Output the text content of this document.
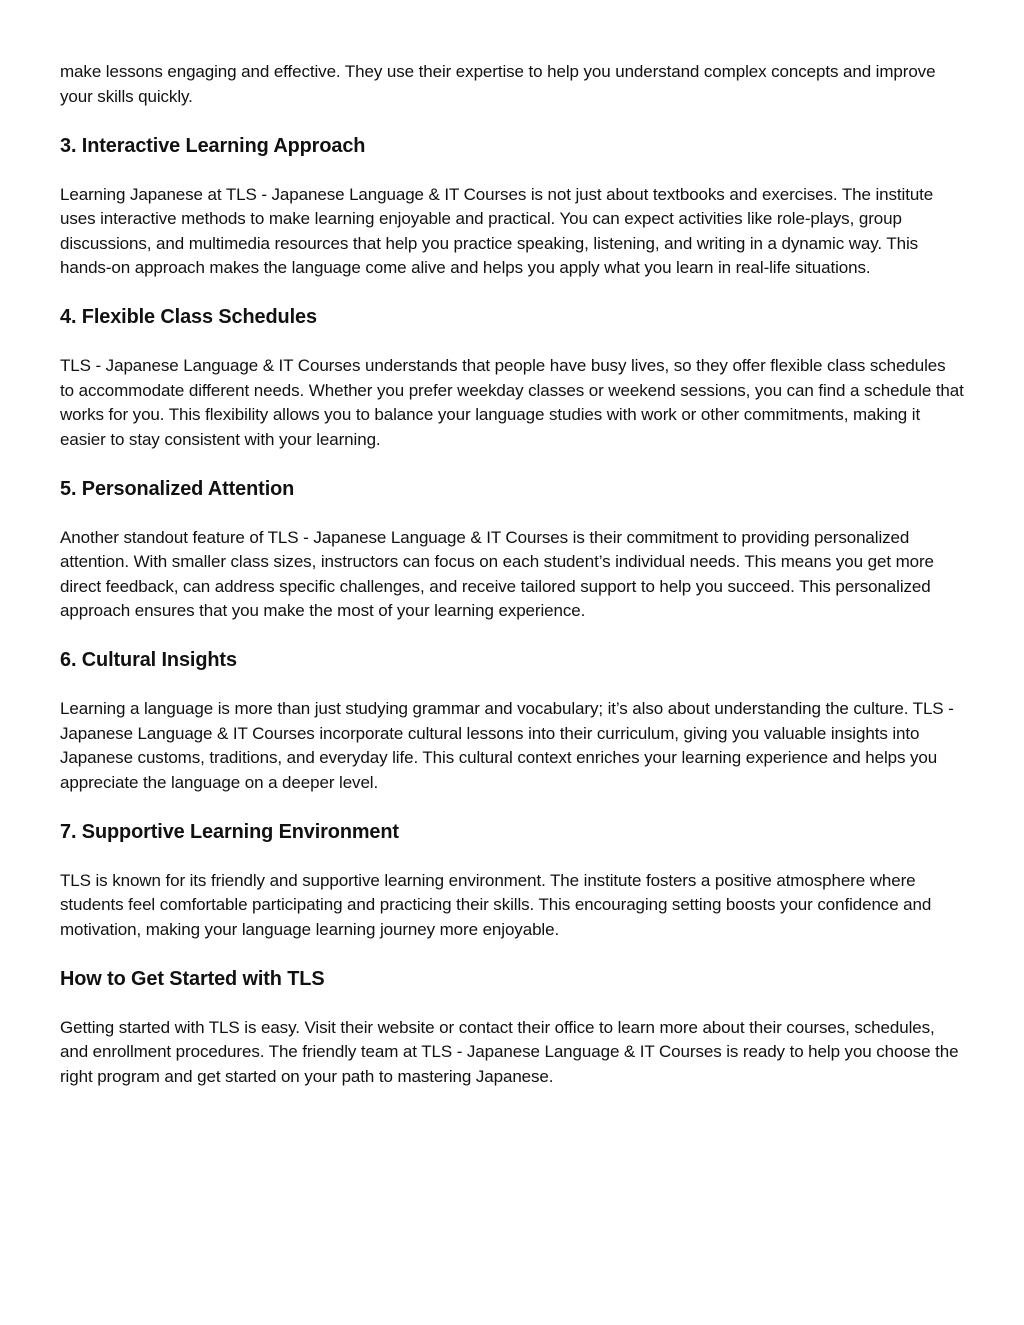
make lessons engaging and effective. They use their expertise to help you understand complex concepts and improve your skills quickly.

3. Interactive Learning Approach

Learning Japanese at TLS - Japanese Language & IT Courses is not just about textbooks and exercises. The institute uses interactive methods to make learning enjoyable and practical. You can expect activities like role-plays, group discussions, and multimedia resources that help you practice speaking, listening, and writing in a dynamic way. This hands-on approach makes the language come alive and helps you apply what you learn in real-life situations.

4. Flexible Class Schedules

TLS - Japanese Language & IT Courses understands that people have busy lives, so they offer flexible class schedules to accommodate different needs. Whether you prefer weekday classes or weekend sessions, you can find a schedule that works for you. This flexibility allows you to balance your language studies with work or other commitments, making it easier to stay consistent with your learning.

5. Personalized Attention

Another standout feature of TLS - Japanese Language & IT Courses is their commitment to providing personalized attention. With smaller class sizes, instructors can focus on each student’s individual needs. This means you get more direct feedback, can address specific challenges, and receive tailored support to help you succeed. This personalized approach ensures that you make the most of your learning experience.

6. Cultural Insights

Learning a language is more than just studying grammar and vocabulary; it’s also about understanding the culture. TLS - Japanese Language & IT Courses incorporate cultural lessons into their curriculum, giving you valuable insights into Japanese customs, traditions, and everyday life. This cultural context enriches your learning experience and helps you appreciate the language on a deeper level.

7. Supportive Learning Environment

TLS is known for its friendly and supportive learning environment. The institute fosters a positive atmosphere where students feel comfortable participating and practicing their skills. This encouraging setting boosts your confidence and motivation, making your language learning journey more enjoyable.

How to Get Started with TLS

Getting started with TLS is easy. Visit their website or contact their office to learn more about their courses, schedules, and enrollment procedures. The friendly team at TLS - Japanese Language & IT Courses is ready to help you choose the right program and get started on your path to mastering Japanese.
